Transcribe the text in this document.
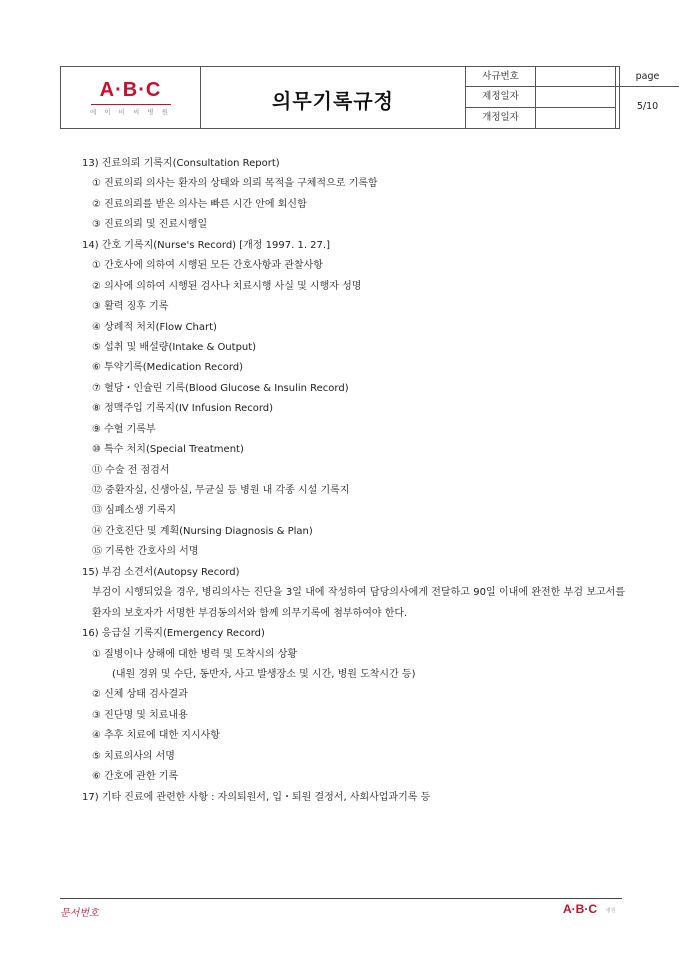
A·B·C
에 이 비 씨 병 원	의무기록규정
사규번호
제정일자
개정일자
page
5/10
13) 진료의뢰 기록지(Consultation Report)
① 진료의뢰 의사는 환자의 상태와 의뢰 목적을 구체적으로 기록함
② 진료의뢰를 받은 의사는 빠른 시간 안에 회신함
③ 진료의뢰 및 진료시행일
14) 간호 기록지(Nurse's Record) [개정 1997. 1. 27.]
① 간호사에 의하여 시행된 모든 간호사항과 관찰사항
② 의사에 의하여 시행된 검사나 치료시행 사실 및 시행자 성명
③ 활력 징후 기록
④ 상례적 처치(Flow Chart)
⑤ 섭취 및 배설량(Intake & Output)
⑥ 투약기록(Medication Record)
⑦ 혈당・인슐린 기록(Blood Glucose & Insulin Record)
⑧ 정맥주입 기록지(IV Infusion Record)
⑨ 수혈 기록부
⑩ 특수 처치(Special Treatment)
⑪ 수술 전 점검서
⑫ 중환자실, 신생아실, 무균실 등 병원 내 각종 시설 기록지
⑬ 심폐소생 기록지
⑭ 간호진단 및 계획(Nursing Diagnosis & Plan)
⑮ 기록한 간호사의 서명
15) 부검 소견서(Autopsy Record)
부검이 시행되었을 경우, 병리의사는 진단을 3일 내에 작성하여 담당의사에게 전달하고 90일 이내에 완전한 부검 보고서를 환자의 보호자가 서명한 부검동의서와 함께 의무기록에 첨부하여야 한다.
16) 응급실 기록지(Emergency Record)
① 질병이나 상해에 대한 병력 및 도착시의 상황
(내원 경위 및 수단, 동반자, 사고 발생장소 및 시간, 병원 도착시간 등)
② 신체 상태 검사결과
③ 진단명 및 치료내용
④ 추후 치료에 대한 지시사항
⑤ 치료의사의 서명
⑥ 간호에 관한 기록
17) 기타 진료에 관련한 사항 : 자의퇴원서, 입・퇴원 결정서, 사회사업과기록 등
문서번호	A·B·C 병원
